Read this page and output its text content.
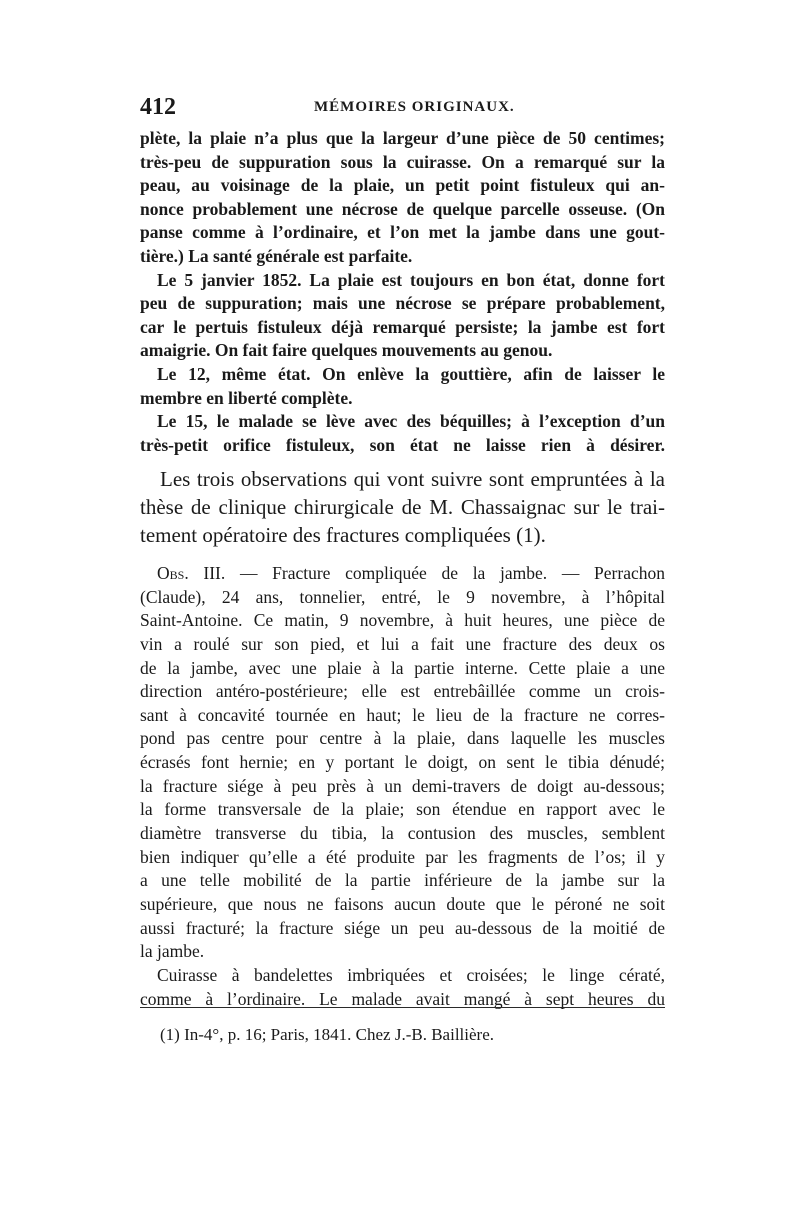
412	MÉMOIRES ORIGINAUX.
plète, la plaie n’a plus que la largeur d’une pièce de 50 centimes;
très-peu de suppuration sous la cuirasse. On a remarqué sur la
peau, au voisinage de la plaie, un petit point fistuleux qui an-
nonce probablement une nécrose de quelque parcelle osseuse. (On
panse comme à l’ordinaire, et l’on met la jambe dans une gout-
tière.) La santé générale est parfaite.
Le 5 janvier 1852. La plaie est toujours en bon état, donne fort
peu de suppuration; mais une nécrose se prépare probablement,
car le pertuis fistuleux déjà remarqué persiste; la jambe est fort
amaigrie. On fait faire quelques mouvements au genou.
Le 12, même état. On enlève la gouttière, afin de laisser le
membre en liberté complète.
Le 15, le malade se lève avec des béquilles; à l’exception d’un
très-petit orifice fistuleux, son état ne laisse rien à désirer.
Les trois observations qui vont suivre sont empruntées à la
thèse de clinique chirurgicale de M. Chassaignac sur le trai-
tement opératoire des fractures compliquées (1).
Obs. III. — Fracture compliquée de la jambe. — Perrachon
(Claude), 24 ans, tonnelier, entré, le 9 novembre, à l’hôpital
Saint-Antoine. Ce matin, 9 novembre, à huit heures, une pièce de
vin a roulé sur son pied, et lui a fait une fracture des deux os
de la jambe, avec une plaie à la partie interne. Cette plaie a une
direction antéro-postérieure; elle est entrebâillée comme un crois-
sant à concavité tournée en haut; le lieu de la fracture ne corres-
pond pas centre pour centre à la plaie, dans laquelle les muscles
écrasés font hernie; en y portant le doigt, on sent le tibia dénudé;
la fracture siége à peu près à un demi-travers de doigt au-dessous;
la forme transversale de la plaie; son étendue en rapport avec le
diamètre transverse du tibia, la contusion des muscles, semblent
bien indiquer qu’elle a été produite par les fragments de l’os; il y
a une telle mobilité de la partie inférieure de la jambe sur la
supérieure, que nous ne faisons aucun doute que le péroné ne soit
aussi fracturé; la fracture siége un peu au-dessous de la moitié de
la jambe.
Cuirasse à bandelettes imbriquées et croisées; le linge cératé,
comme à l’ordinaire. Le malade avait mangé à sept heures du
(1) In-4°, p. 16; Paris, 1841. Chez J.-B. Baillière.
